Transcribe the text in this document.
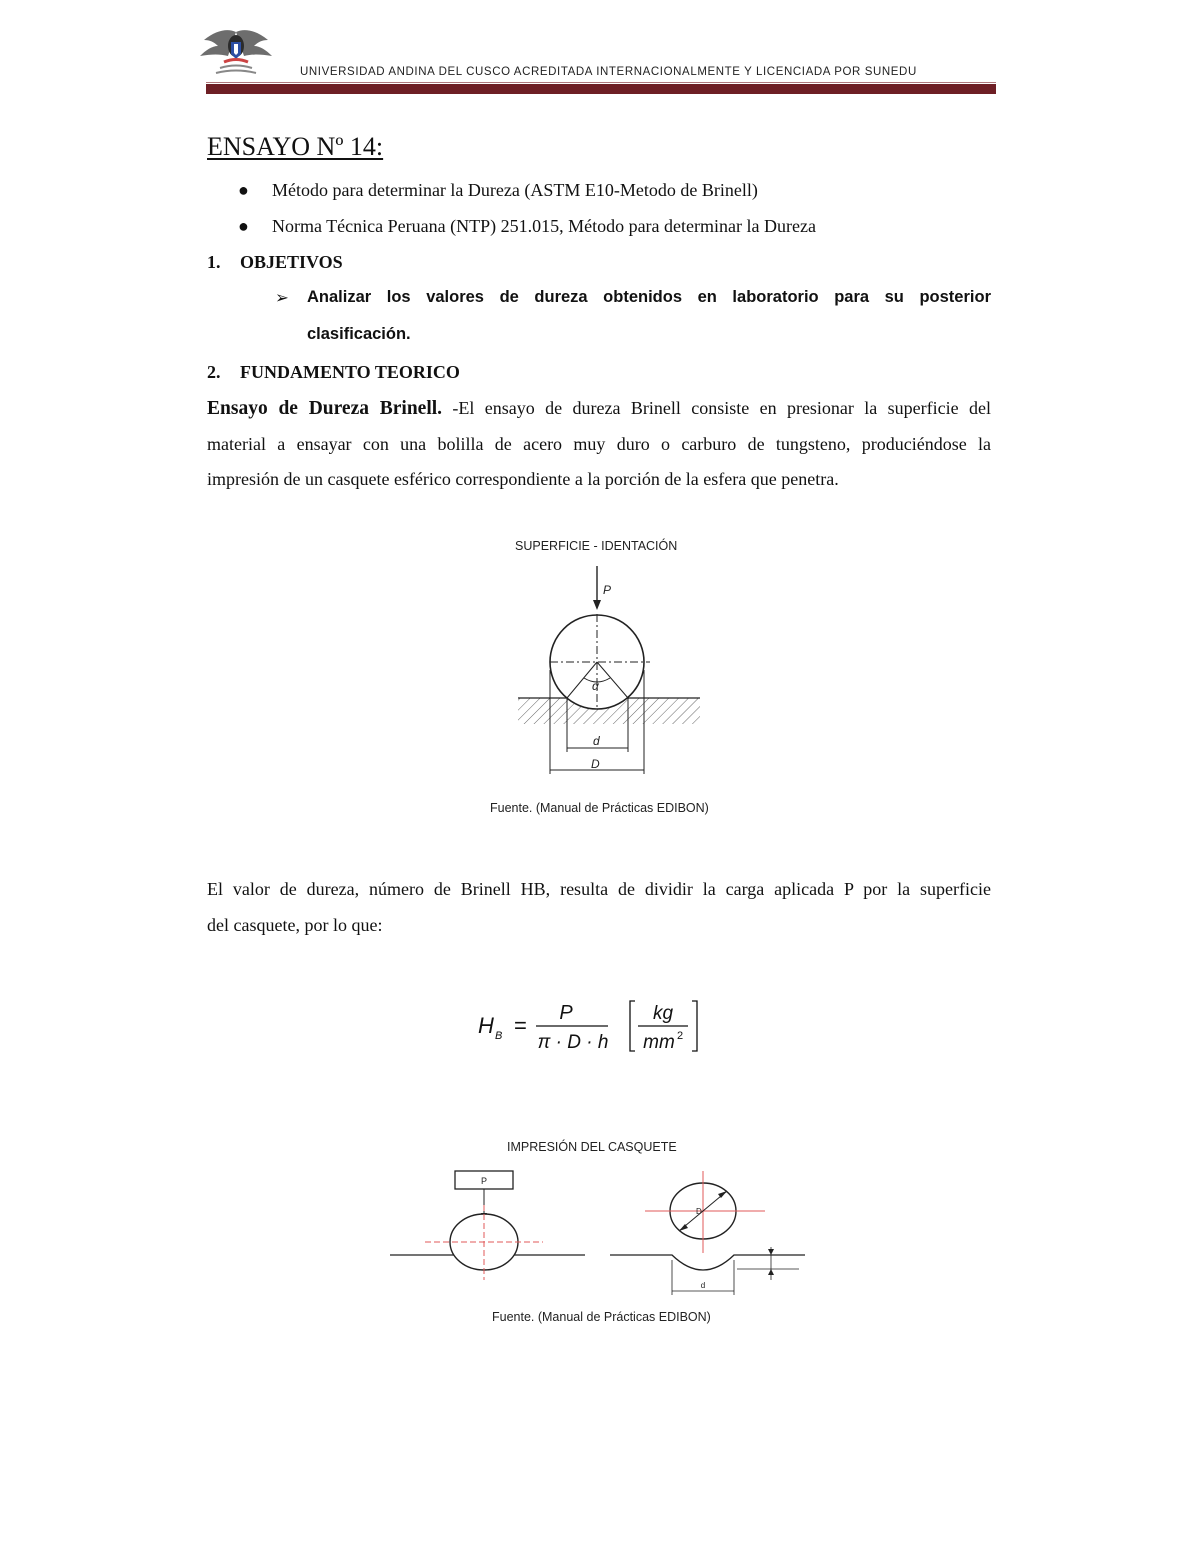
UNIVERSIDAD ANDINA DEL CUSCO ACREDITADA INTERNACIONALMENTE Y LICENCIADA POR SUNEDU
ENSAYO Nº 14:
● Método para determinar la Dureza (ASTM E10-Metodo de Brinell)
● Norma Técnica Peruana (NTP) 251.015, Método para determinar la Dureza
1. OBJETIVOS
➢	Analizar los valores de dureza obtenidos en laboratorio para su posterior
clasificación.
2. FUNDAMENTO TEORICO
Ensayo de Dureza Brinell. -El ensayo de dureza Brinell consiste en presionar la superficie del
material a ensayar con una bolilla de acero muy duro o carburo de tungsteno, produciéndose la
impresión de un casquete esférico correspondiente a la porción de la esfera que penetra.
SUPERFICIE - IDENTACIÓN
P
α
d
D
Fuente. (Manual de Prácticas EDIBON)
El valor de dureza, número de Brinell HB, resulta de dividir la carga aplicada P por la superficie
del casquete, por lo que:
H B = P
π · D · h
kg
mm 2
IMPRESIÓN DEL CASQUETE
P
D
d
Fuente. (Manual de Prácticas EDIBON)
